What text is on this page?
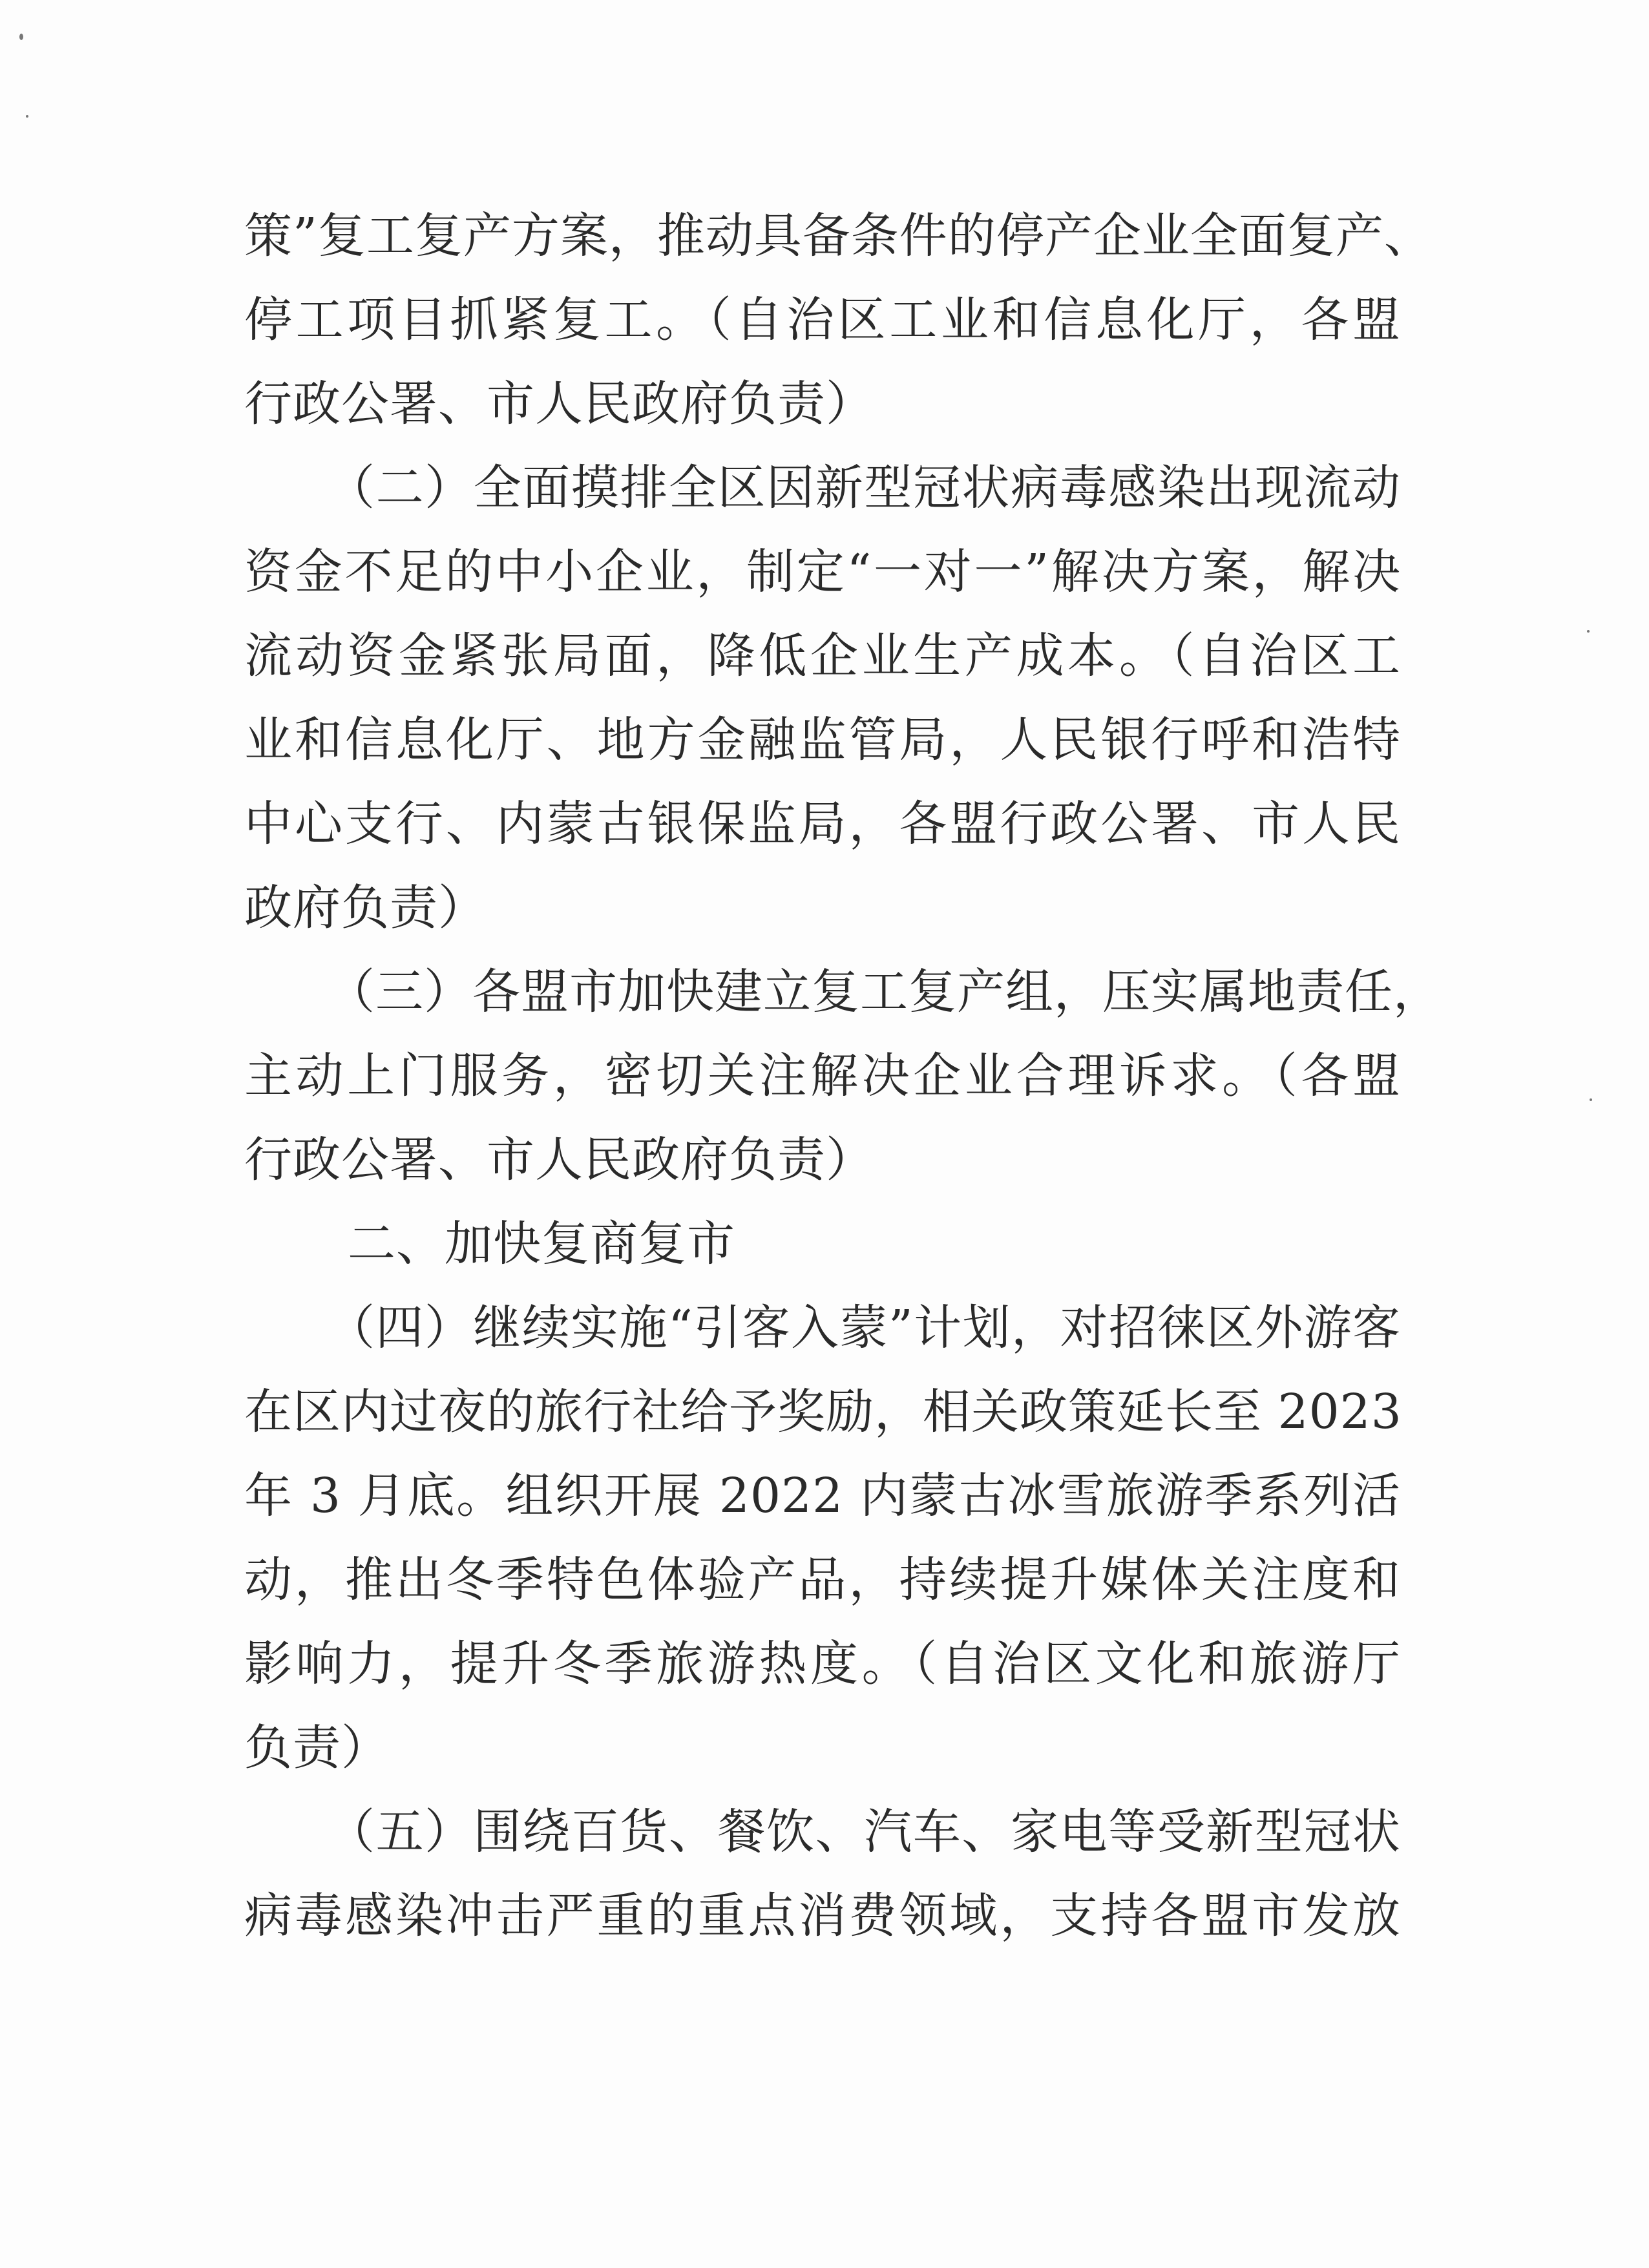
策”复工复产方案，推动具备条件的停产企业全面复产、
停工项目抓紧复工。（自治区工业和信息化厅，各盟
行政公署、市人民政府负责）
（二）全面摸排全区因新型冠状病毒感染出现流动
资金不足的中小企业，制定“一对一”解决方案，解决
流动资金紧张局面，降低企业生产成本。（自治区工
业和信息化厅、地方金融监管局，人民银行呼和浩特
中心支行、内蒙古银保监局，各盟行政公署、市人民
政府负责）
（三）各盟市加快建立复工复产组，压实属地责任，
主动上门服务，密切关注解决企业合理诉求。（各盟
行政公署、市人民政府负责）
二、加快复商复市
（四）继续实施“引客入蒙”计划，对招徕区外游客
在区内过夜的旅行社给予奖励，相关政策延长至 2023
年 3 月底。组织开展 2022 内蒙古冰雪旅游季系列活
动，推出冬季特色体验产品，持续提升媒体关注度和
影响力，提升冬季旅游热度。（自治区文化和旅游厅
负责）
（五）围绕百货、餐饮、汽车、家电等受新型冠状
病毒感染冲击严重的重点消费领域，支持各盟市发放
